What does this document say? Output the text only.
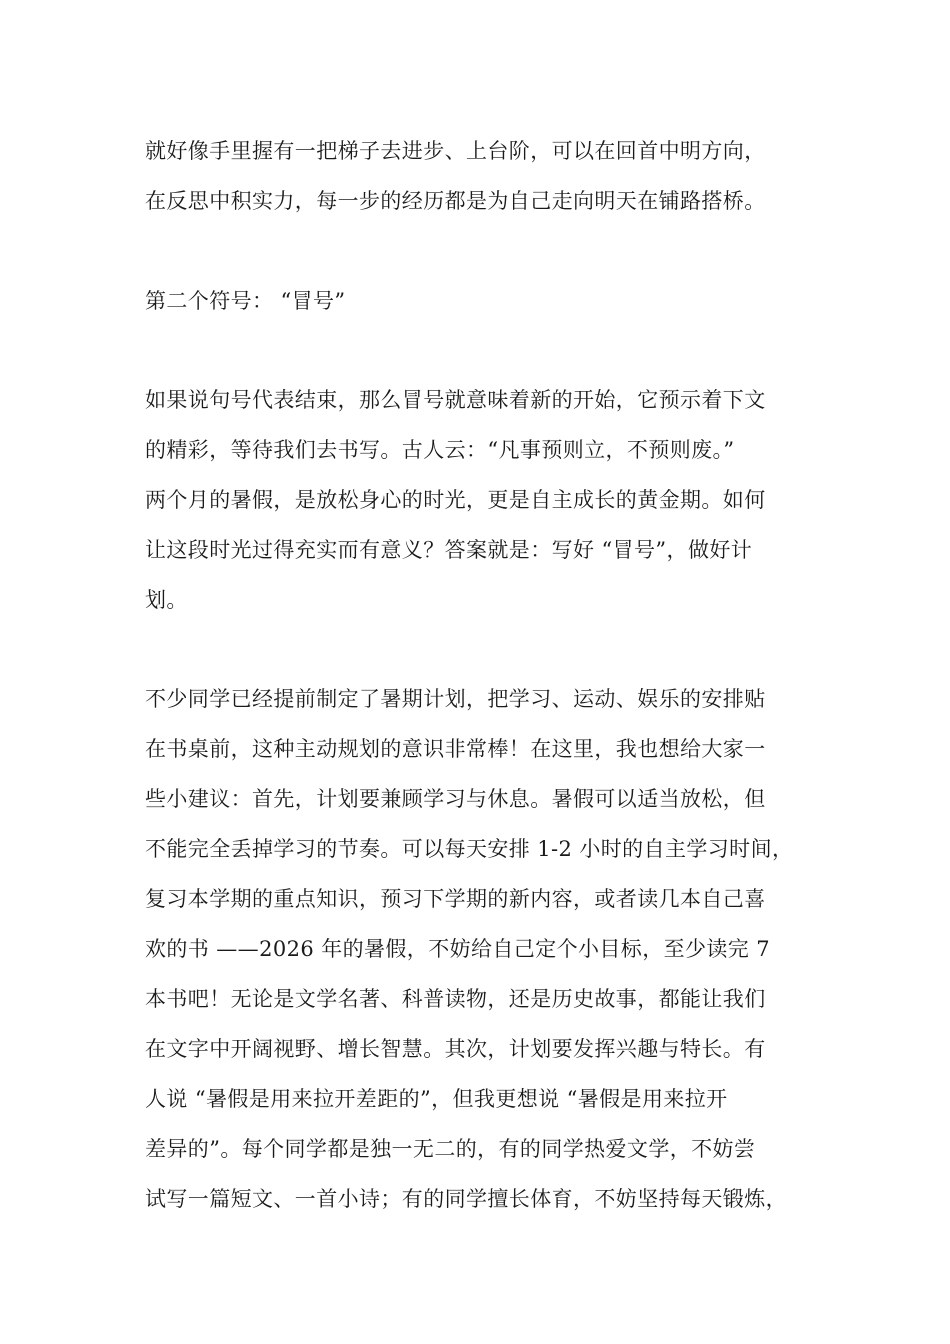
就好像手里握有一把梯子去进步、上台阶，可以在回首中明方向，
在反思中积实力，每一步的经历都是为自己走向明天在铺路搭桥。
第二个符号： “冒号”
如果说句号代表结束，那么冒号就意味着新的开始，它预示着下文
的精彩，等待我们去书写。古人云：“凡事预则立，不预则废。”
两个月的暑假，是放松身心的时光，更是自主成长的黄金期。如何
让这段时光过得充实而有意义？答案就是：写好 “冒号”，做好计
划。
不少同学已经提前制定了暑期计划，把学习、运动、娱乐的安排贴
在书桌前，这种主动规划的意识非常棒！在这里，我也想给大家一
些小建议：首先，计划要兼顾学习与休息。暑假可以适当放松，但
不能完全丢掉学习的节奏。可以每天安排 1-2 小时的自主学习时间，
复习本学期的重点知识，预习下学期的新内容，或者读几本自己喜
欢的书 ——2026 年的暑假，不妨给自己定个小目标，至少读完 7
本书吧！无论是文学名著、科普读物，还是历史故事，都能让我们
在文字中开阔视野、增长智慧。其次，计划要发挥兴趣与特长。有
人说 “暑假是用来拉开差距的”，但我更想说 “暑假是用来拉开
差异的”。每个同学都是独一无二的，有的同学热爱文学，不妨尝
试写一篇短文、一首小诗；有的同学擅长体育，不妨坚持每天锻炼，
